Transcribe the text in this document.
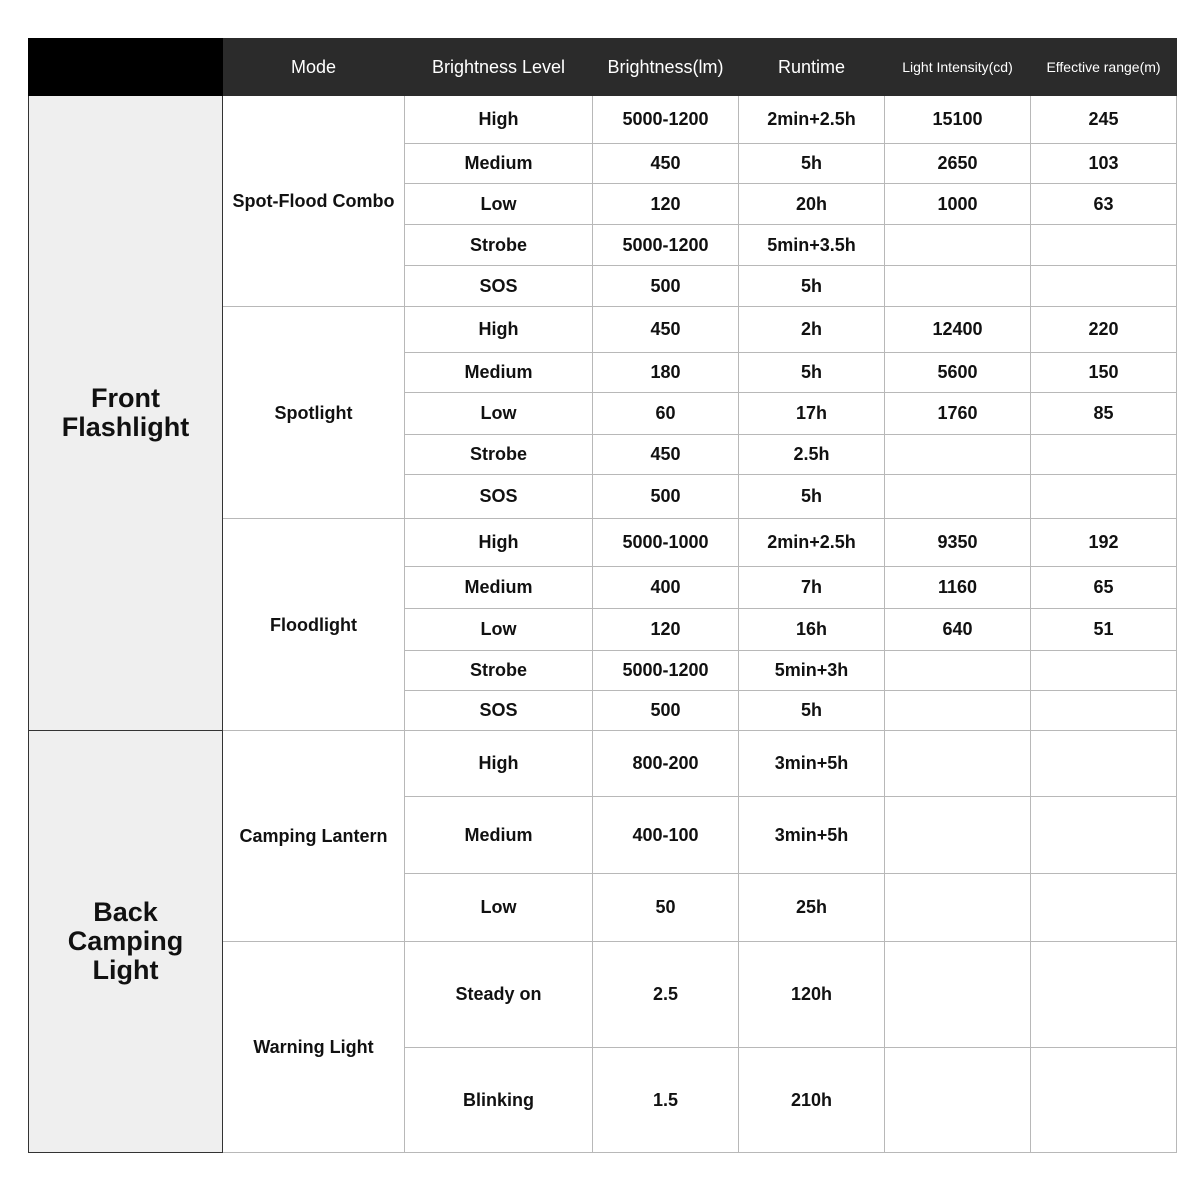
	Mode	Brightness Level	Brightness(lm)	Runtime	Light Intensity(cd)	Effective range(m)
Front Flashlight	Spot-Flood Combo	High	5000-1200	2min+2.5h	15100	245
		Medium	450	5h	2650	103
		Low	120	20h	1000	63
		Strobe	5000-1200	5min+3.5h		
		SOS	500	5h		
	Spotlight	High	450	2h	12400	220
		Medium	180	5h	5600	150
		Low	60	17h	1760	85
		Strobe	450	2.5h		
		SOS	500	5h		
	Floodlight	High	5000-1000	2min+2.5h	9350	192
		Medium	400	7h	1160	65
		Low	120	16h	640	51
		Strobe	5000-1200	5min+3h		
		SOS	500	5h		
Back Camping Light	Camping Lantern	High	800-200	3min+5h		
		Medium	400-100	3min+5h		
		Low	50	25h		
	Warning Light	Steady on	2.5	120h		
		Blinking	1.5	210h		
